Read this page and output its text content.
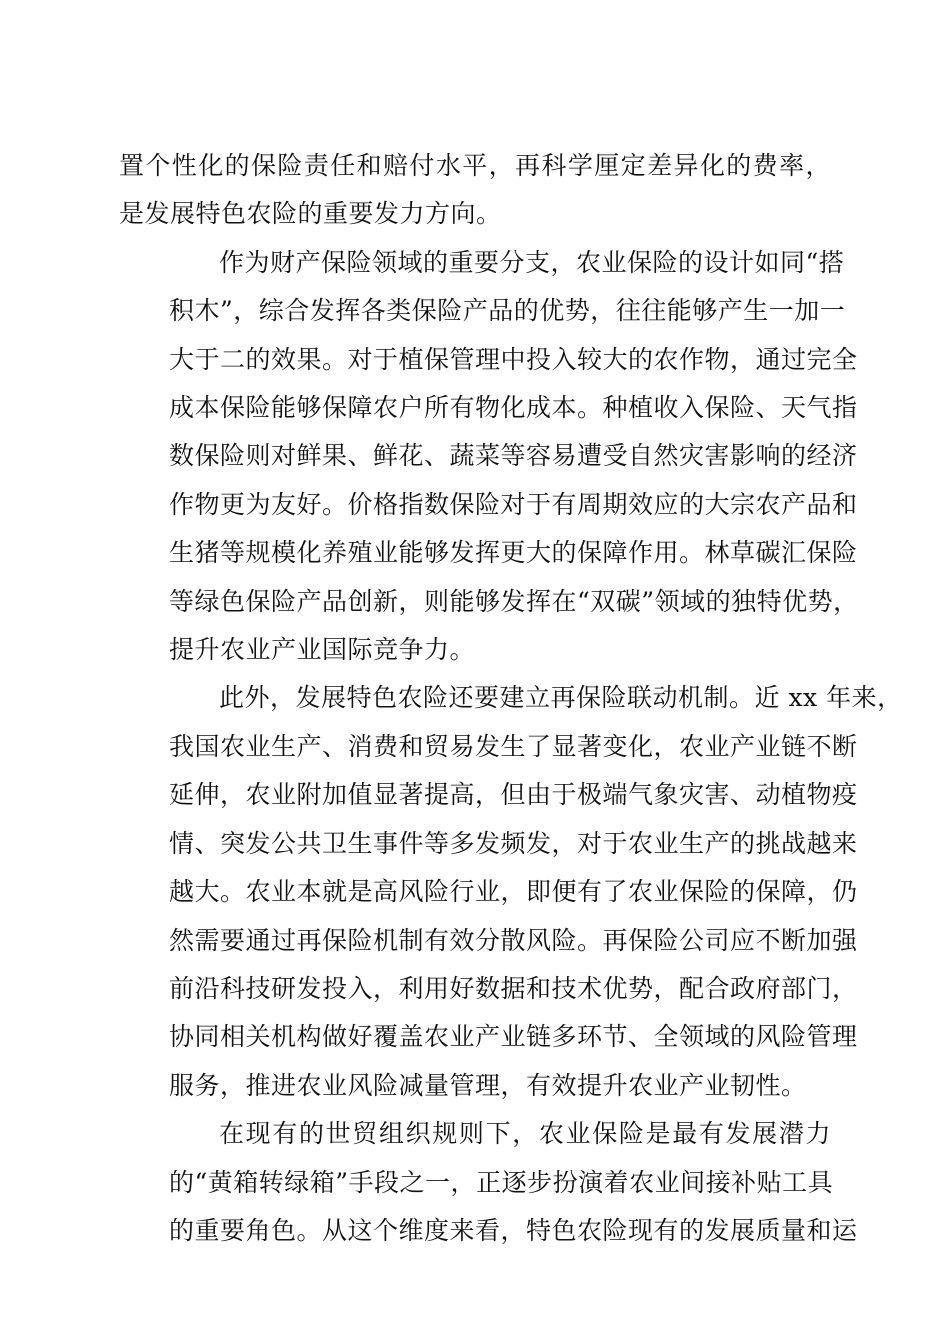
置个性化的保险责任和赔付水平，再科学厘定差异化的费率，
是发展特色农险的重要发力方向。
作为财产保险领域的重要分支，农业保险的设计如同“搭
积木”，综合发挥各类保险产品的优势，往往能够产生一加一
大于二的效果。对于植保管理中投入较大的农作物，通过完全
成本保险能够保障农户所有物化成本。种植收入保险、天气指
数保险则对鲜果、鲜花、蔬菜等容易遭受自然灾害影响的经济
作物更为友好。价格指数保险对于有周期效应的大宗农产品和
生猪等规模化养殖业能够发挥更大的保障作用。林草碳汇保险
等绿色保险产品创新，则能够发挥在“双碳”领域的独特优势，
提升农业产业国际竞争力。
此外，发展特色农险还要建立再保险联动机制。近 xx 年来，
我国农业生产、消费和贸易发生了显著变化，农业产业链不断
延伸，农业附加值显著提高，但由于极端气象灾害、动植物疫
情、突发公共卫生事件等多发频发，对于农业生产的挑战越来
越大。农业本就是高风险行业，即便有了农业保险的保障，仍
然需要通过再保险机制有效分散风险。再保险公司应不断加强
前沿科技研发投入，利用好数据和技术优势，配合政府部门，
协同相关机构做好覆盖农业产业链多环节、全领域的风险管理
服务，推进农业风险减量管理，有效提升农业产业韧性。
在现有的世贸组织规则下，农业保险是最有发展潜力
的“黄箱转绿箱”手段之一，正逐步扮演着农业间接补贴工具
的重要角色。从这个维度来看，特色农险现有的发展质量和运
